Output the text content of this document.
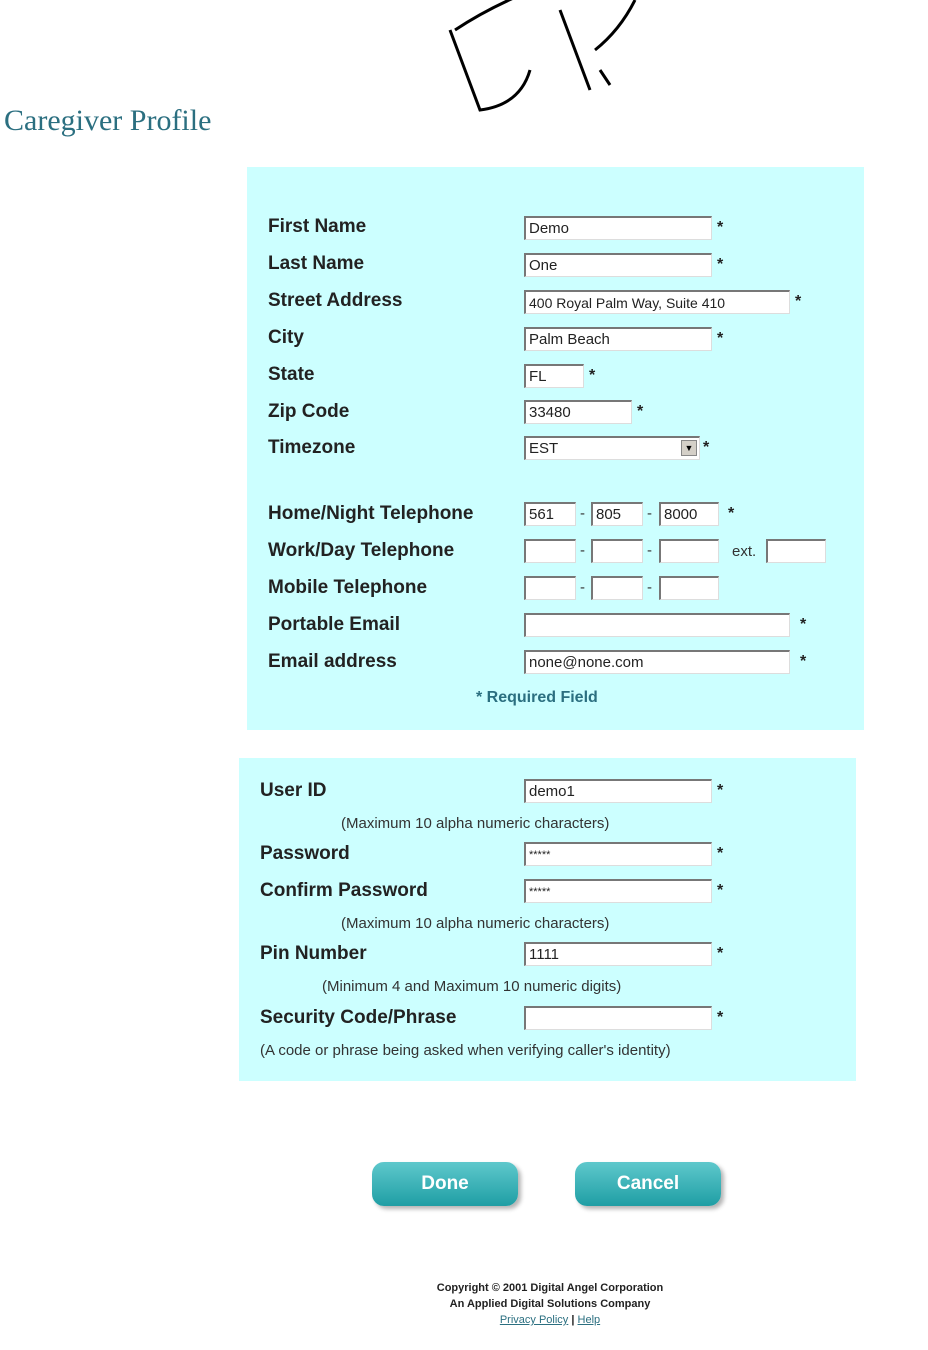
Caregiver Profile
First Name	Demo	*
Last Name	One	*
Street Address	400 Royal Palm Way, Suite 410	*
City	Palm Beach	*
State	FL	*
Zip Code	33480	*
Timezone	EST	▼ *
Home/Night Telephone	561	- 805	- 8000	*
Work/Day Telephone	-	-	ext.
Mobile Telephone	-	-
Portable Email	*
Email address	none@none.com	*
* Required Field
User ID	demo1	*
(Maximum 10 alpha numeric characters)
Password	*****	*
Confirm Password	*****	*
(Maximum 10 alpha numeric characters)
Pin Number	1111	*
(Minimum 4 and Maximum 10 numeric digits)
Security Code/Phrase	*
(A code or phrase being asked when verifying caller's identity)
Done	Cancel
Copyright © 2001 Digital Angel Corporation
An Applied Digital Solutions Company
Privacy Policy | Help
